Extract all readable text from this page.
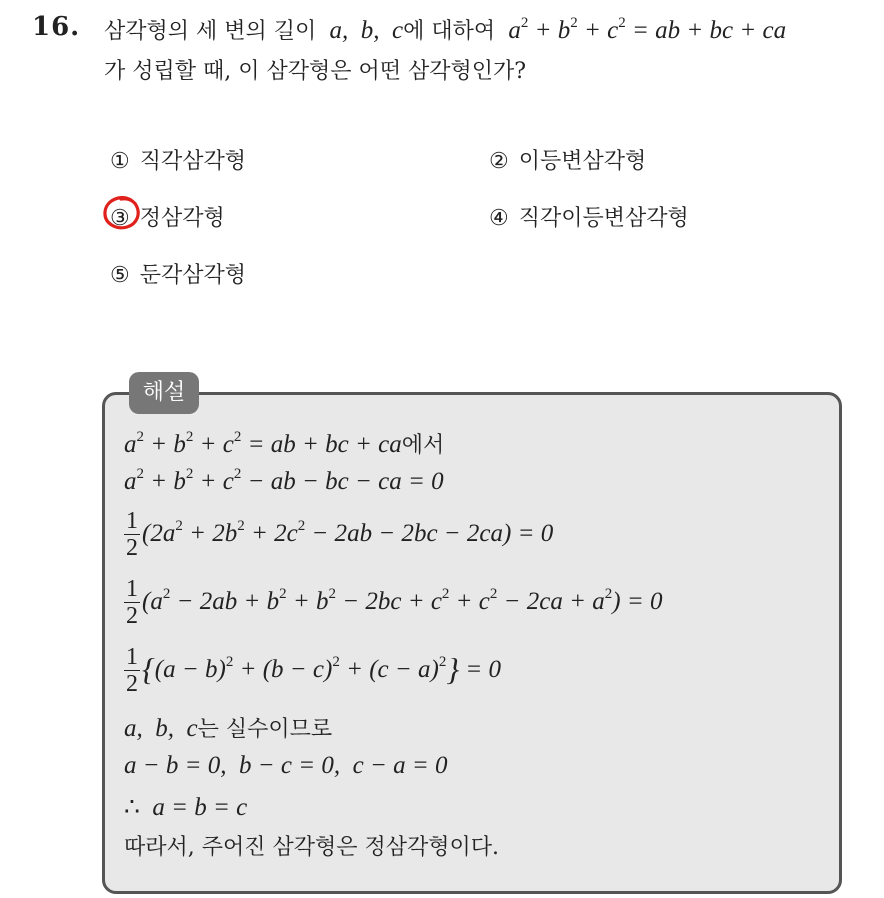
16. 삼각형의 세 변의 길이  a,  b,  c에 대하여  $a^2 + b^2 + c^2$ = ab + bc + ca
가 성립할 때, 이 삼각형은 어떤 삼각형인가?
① 직각삼각형	② 이등변삼각형
③ 정삼각형	④ 직각이등변삼각형
⑤ 둔각삼각형
해설
$a^2 + b^2 + c^2$ = ab + bc + ca에서
$a^2 + b^2 + c^2$ − ab − bc − ca = 0
$\frac{1}{2} (2a^2 + 2b^2 + 2c^2 - 2ab - 2bc - 2ca) = 0$
$\frac{1}{2} (a^2 - 2ab + b^2 + b^2 - 2bc + c^2 + c^2 - 2ca + a^2) = 0$
$\frac{1}{2} \{(a - b)^2 + (b - c)^2 + (c - a)^2\} = 0$
a,  b,  c는 실수이므로
a − b = 0,  b − c = 0,  c − a = 0
∴  a = b = c
따라서, 주어진 삼각형은 정삼각형이다.
